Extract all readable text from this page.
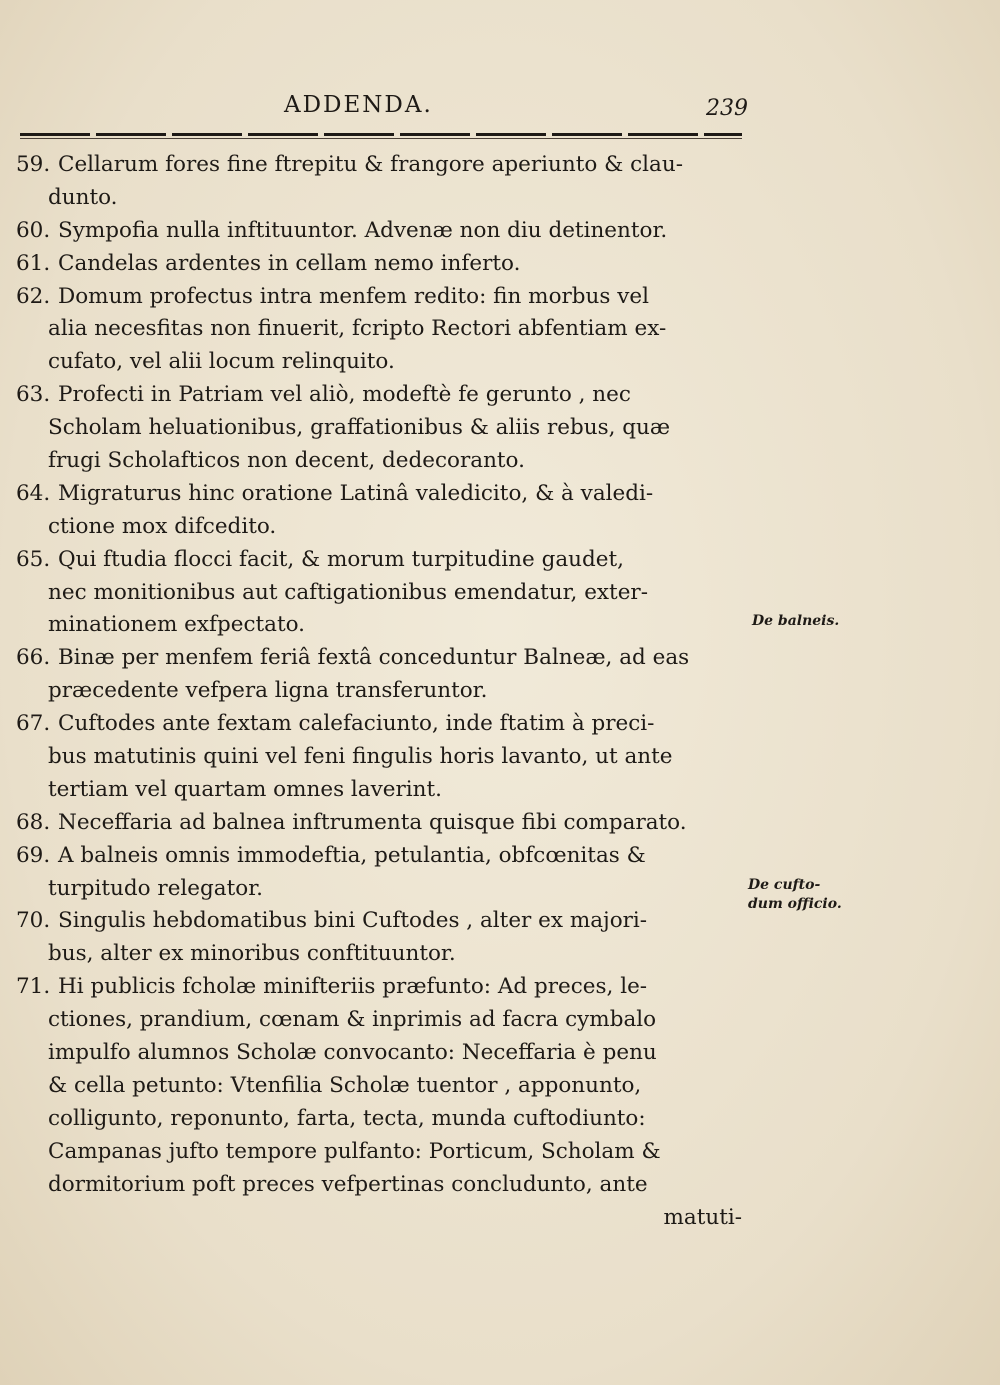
ADDENDA.	239
59. Cellarum fores fine ftrepitu & frangore aperiunto & clau-
dunto.
60. Sympofia nulla inftituuntor. Advenæ non diu detinentor.
61. Candelas ardentes in cellam nemo inferto.
62. Domum profectus intra menfem redito: fin morbus vel
alia necesfitas non finuerit, fcripto Rectori abfentiam ex-
cufato, vel alii locum relinquito.
63. Profecti in Patriam vel aliò, modeftè fe gerunto , nec
Scholam heluationibus, graffationibus & aliis rebus, quæ
frugi Scholafticos non decent, dedecoranto.
64. Migraturus hinc oratione Latinâ valedicito, & à valedi-
ctione mox difcedito.
65. Qui ftudia flocci facit, & morum turpitudine gaudet,
nec monitionibus aut caftigationibus emendatur, exter-
minationem exfpectato.
66. Binæ per menfem feriâ fextâ conceduntur Balneæ, ad eas
præcedente vefpera ligna transferuntor.
67. Cuftodes ante fextam calefaciunto, inde ftatim à preci-
bus matutinis quini vel feni fingulis horis lavanto, ut ante
tertiam vel quartam omnes laverint.
68. Neceffaria ad balnea inftrumenta quisque fibi comparato.
69. A balneis omnis immodeftia, petulantia, obfcœnitas &
turpitudo relegator.
70. Singulis hebdomatibus bini Cuftodes , alter ex majori-
bus, alter ex minoribus conftituuntor.
71. Hi publicis fcholæ minifteriis præfunto: Ad preces, le-
ctiones, prandium, cœnam & inprimis ad facra cymbalo
impulfo alumnos Scholæ convocanto: Neceffaria è penu
& cella petunto: Vtenfilia Scholæ tuentor , apponunto,
colligunto, reponunto, farta, tecta, munda cuftodiunto:
Campanas jufto tempore pulfanto: Porticum, Scholam &
dormitorium poft preces vefpertinas concludunto, ante
matuti-
De balneis.
De cufto-
dum officio.
